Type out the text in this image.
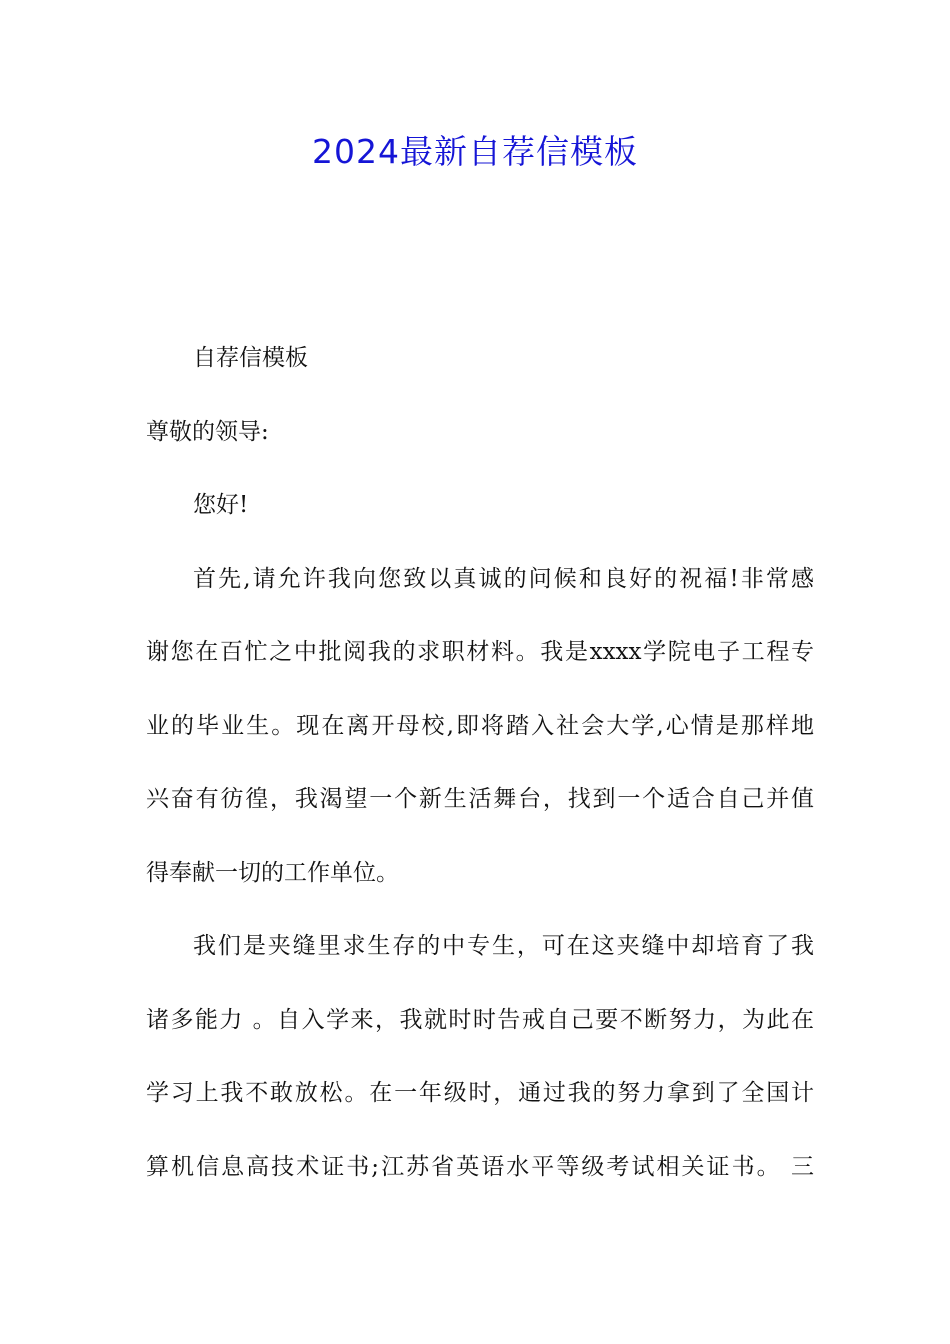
2024最新自荐信模板
自荐信模板
尊敬的领导:
您好!
首先,请允许我向您致以真诚的问候和良好的祝福!非常感
谢您在百忙之中批阅我的求职材料。我是xxxx学院电子工程专
业的毕业生。现在离开母校,即将踏入社会大学,心情是那样地
兴奋有彷徨，我渴望一个新生活舞台，找到一个适合自己并值
得奉献一切的工作单位。
我们是夹缝里求生存的中专生，可在这夹缝中却培育了我
诸多能力 。自入学来，我就时时告戒自己要不断努力，为此在
学习上我不敢放松。在一年级时，通过我的努力拿到了全国计
算机信息高技术证书;江苏省英语水平等级考试相关证书。 三
